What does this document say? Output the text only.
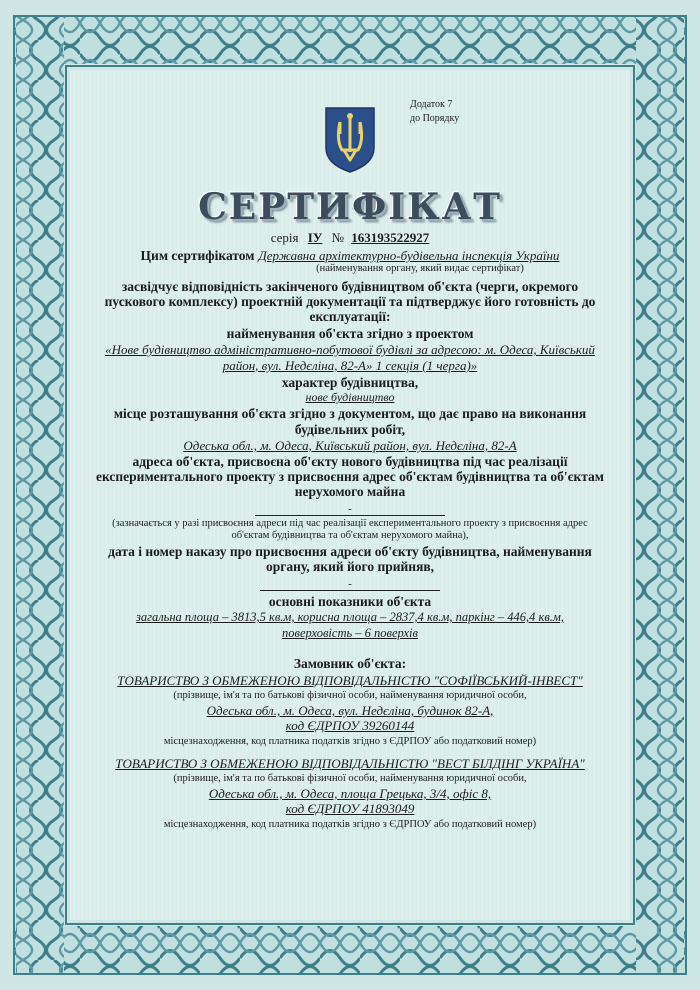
Додаток 7
до Порядку
СЕРТИФІКАТ
серія ІУ № 163193522927
Цим сертифікатом Державна архітектурно-будівельна інспекція України
(найменування органу, який видає сертифікат)
засвідчує відповідність закінченого будівництвом об'єкта (черги, окремого
пускового комплексу) проектній документації та підтверджує його готовність до
експлуатації:
найменування об'єкта згідно з проектом
«Нове будівництво адміністративно-побутової будівлі за адресою: м. Одеса, Київський
район, вул. Недєліна, 82-А» 1 секція (1 черга)»
характер будівництва,
нове будівництво
місце розташування об'єкта згідно з документом, що дає право на виконання
будівельних робіт,
Одеська обл., м. Одеса, Київський район, вул. Недєліна, 82-А
адреса об'єкта, присвоєна об'єкту нового будівництва під час реалізації
експериментального проекту з присвоєння адрес об'єктам будівництва та об'єктам
нерухомого майна
-
(зазначається у разі присвоєння адреси під час реалізації експериментального проекту з присвоєння адрес
об'єктам будівництва та об'єктам нерухомого майна),
дата і номер наказу про присвоєння адреси об'єкту будівництва, найменування
органу, який його прийняв,
-
основні показники об'єкта
загальна площа – 3813,5 кв.м, корисна площа – 2837,4 кв.м, паркінг – 446,4 кв.м,
поверховість – 6 поверхів
Замовник об'єкта:
ТОВАРИСТВО З ОБМЕЖЕНОЮ ВІДПОВІДАЛЬНІСТЮ "СОФІЇВСЬКИЙ-ІНВЕСТ"
(прізвище, ім'я та по батькові фізичної особи, найменування юридичної особи,
Одеська обл., м. Одеса, вул. Недєліна, будинок 82-А,
код ЄДРПОУ 39260144
місцезнаходження, код платника податків згідно з ЄДРПОУ або податковий номер)
ТОВАРИСТВО З ОБМЕЖЕНОЮ ВІДПОВІДАЛЬНІСТЮ "ВЕСТ БІЛДІНГ УКРАЇНА"
(прізвище, ім'я та по батькові фізичної особи, найменування юридичної особи,
Одеська обл., м. Одеса, площа Грецька, 3/4, офіс 8,
код ЄДРПОУ 41893049
місцезнаходження, код платника податків згідно з ЄДРПОУ або податковий номер)
